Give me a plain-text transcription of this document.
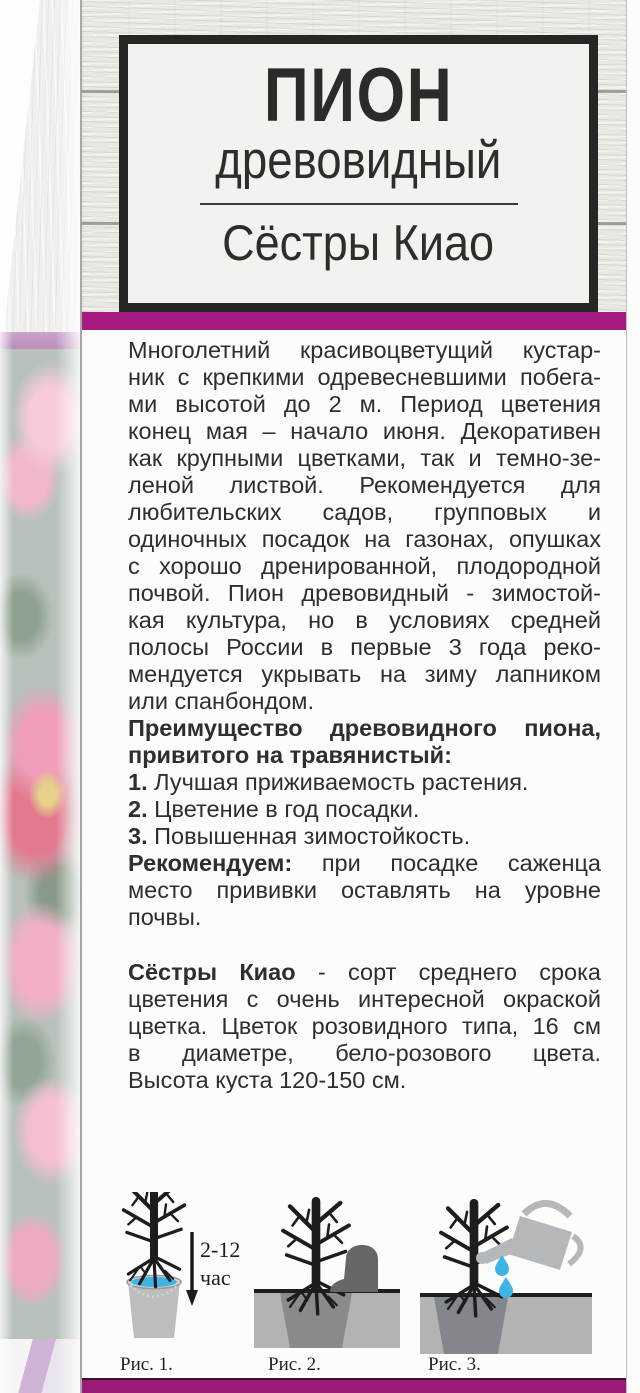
ПИОН
древовидный
Сёстры Киао
Многолетний красивоцветущий кустар-
ник с крепкими одревесневшими побега-
ми высотой до 2 м. Период цветения
конец мая – начало июня. Декоративен
как крупными цветками, так и темно-зе-
леной листвой. Рекомендуется для
любительских садов, групповых и
одиночных посадок на газонах, опушках
с хорошо дренированной, плодородной
почвой. Пион древовидный - зимостой-
кая культура, но в условиях средней
полосы России в первые 3 года реко-
мендуется укрывать на зиму лапником
или спанбондом.
Преимущество древовидного пиона,
привитого на травянистый:
1. Лучшая приживаемость растения.
2. Цветение в год посадки.
3. Повышенная зимостойкость.
Рекомендуем: при посадке саженца
место прививки оставлять на уровне
почвы.
Сёстры Киао - сорт среднего срока
цветения с очень интересной окраской
цветка. Цветок розовидного типа, 16 см
в диаметре, бело-розового цвета.
Высота куста 120-150 см.
2-12
час
Рис. 1.	Рис. 2.	Рис. 3.
